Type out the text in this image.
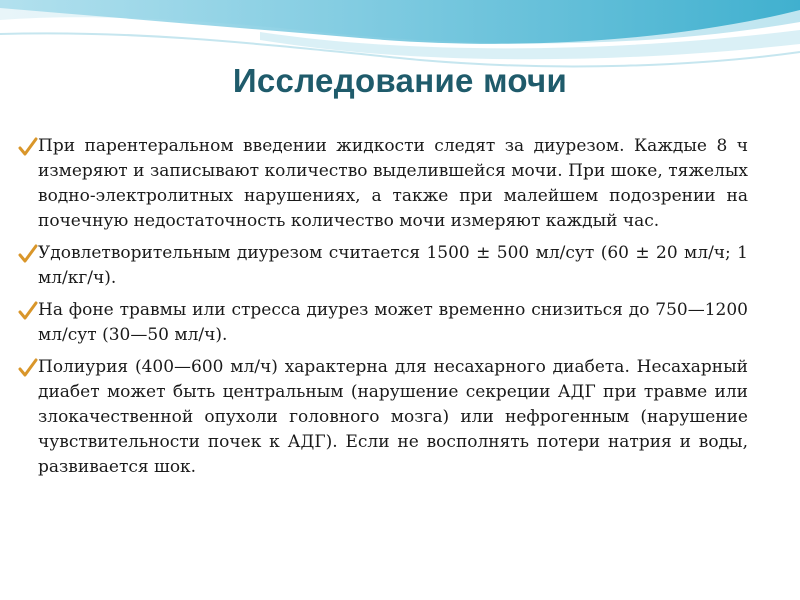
Исследование мочи
При парентеральном введении жидкости следят за диурезом. Каждые 8 ч измеряют и записывают количество выделившейся мочи. При шоке, тяжелых водно-электролитных нарушениях, а также при малейшем подозрении на почечную недостаточность количество мочи измеряют каждый час.
Удовлетворительным диурезом считается 1500 ± 500 мл/сут (60 ± 20 мл/ч; 1 мл/кг/ч).
На фоне травмы или стресса диурез может временно снизиться до 750—1200 мл/сут (30—50 мл/ч).
Полиурия (400—600 мл/ч) характерна для несахарного диабета. Несахарный диабет может быть центральным (нарушение секреции АДГ при травме или злокачественной опухоли головного мозга) или нефрогенным (нарушение чувствительности почек к АДГ). Если не восполнять потери натрия и воды, развивается шок.
